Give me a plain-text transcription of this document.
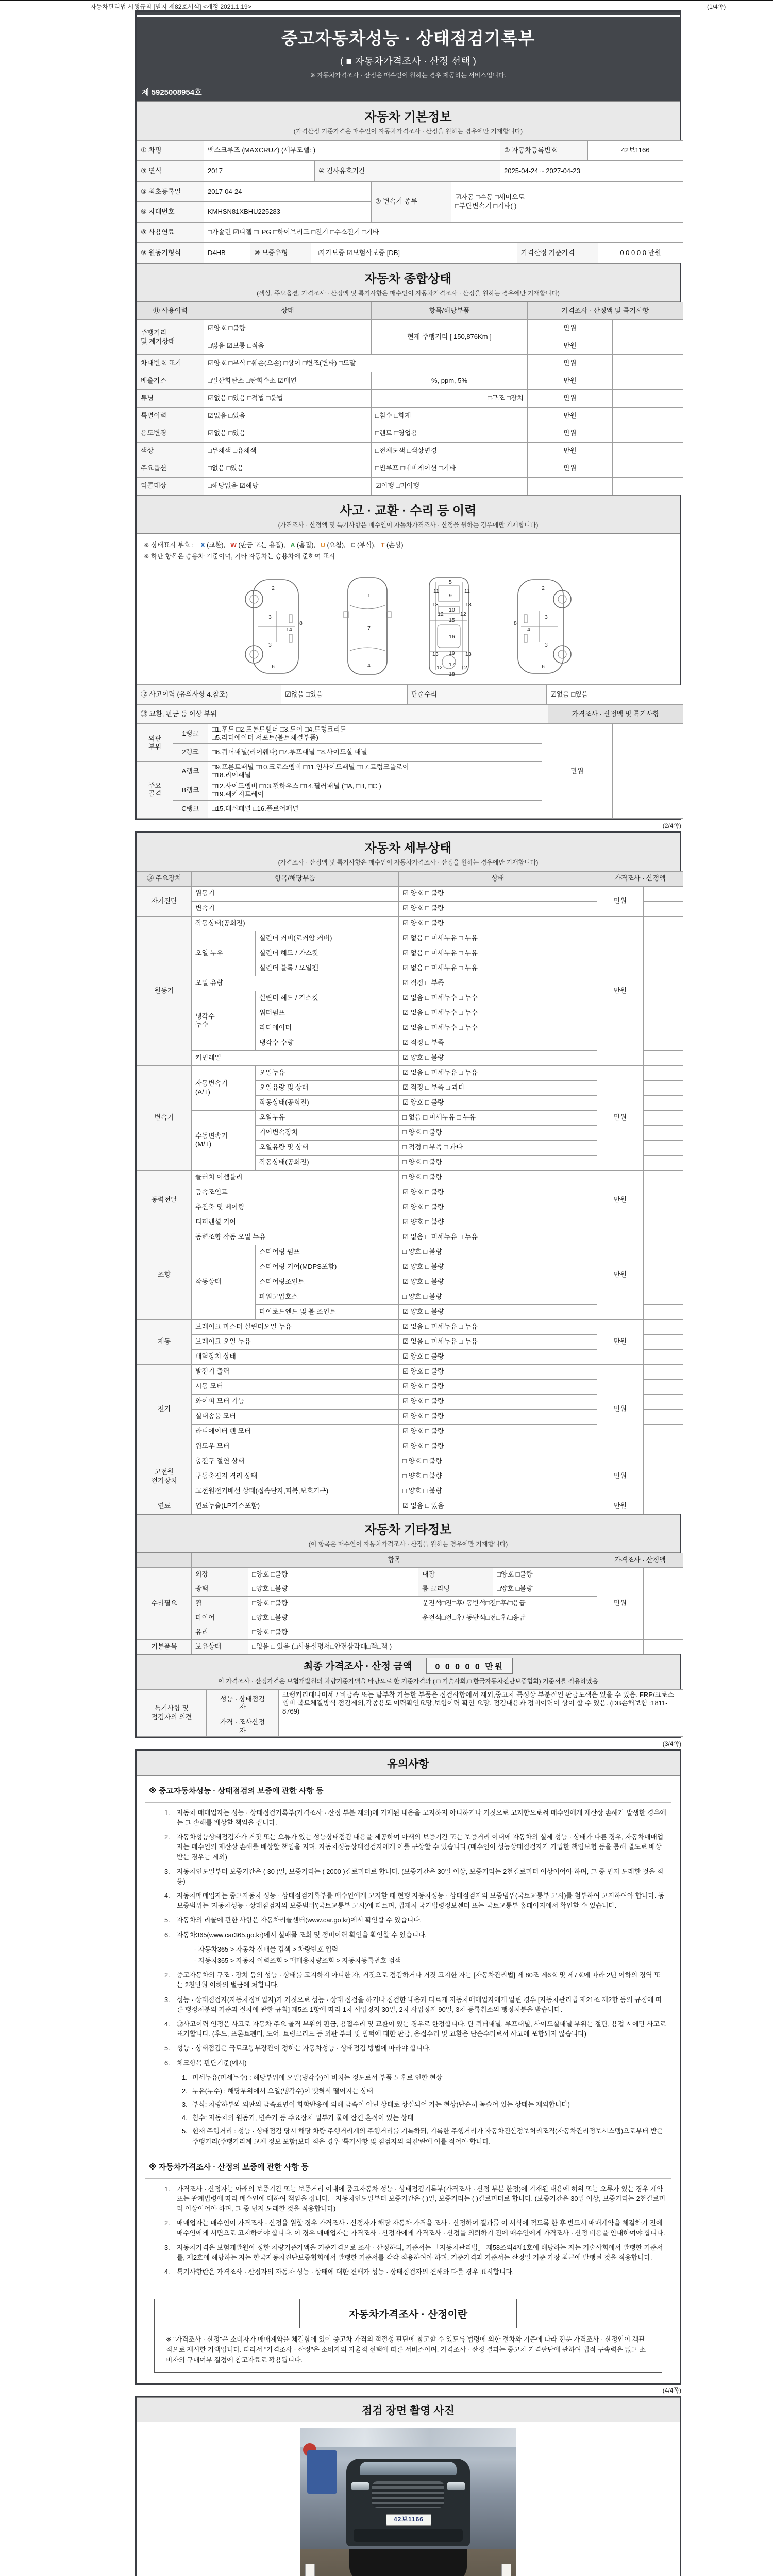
자동차관리법 시행규칙 [별지 제82호서식] <개정 2021.1.19>	(1/4쪽)
중고자동차성능 · 상태점검기록부
( ■ 자동차가격조사 · 산정 선택 )
※ 자동차가격조사 · 산정은 매수인이 원하는 경우 제공하는 서비스입니다.
제 5925008954호
자동차 기본정보
(가격산정 기준가격은 매수인이 자동차가격조사 · 산정을 원하는 경우에만 기재합니다)
① 차명	맥스크루즈 (MAXCRUZ) (세부모델: )	② 자동차등록번호	42보1166
③ 연식	2017	④ 검사유효기간	2025-04-24 ~ 2027-04-23
⑤ 최초등록일	2017-04-24	⑦ 변속기 종류	☑자동 □수동 □세미오토
□무단변속기 □기타( )
⑥ 차대번호	KMHSN81XBHU225283		
⑧ 사용연료	□가솔린 ☑디젤 □LPG □하이브리드 □전기 □수소전기 □기타
⑨ 원동기형식	D4HB	⑩ 보증유형	□자가보증 ☑보험사보증 [DB]	가격산정 기준가격	0 0 0 0 0 만원
자동차 종합상태
(색상, 주요옵션, 가격조사 · 산정액 및 특기사항은 매수인이 자동차가격조사 · 산정을 원하는 경우에만 기재합니다)
⑪ 사용이력	상태	항목/해당부품	가격조사 · 산정액 및 특기사항	
주행거리
및 계기상태	☑양호 □불량	현재 주행거리 [ 150,876Km ]	만원	
	□많음 ☑보통 □적음		만원	
차대번호 표기	☑양호 □부식 □훼손(오손) □상이 □변조(변타) □도말		만원	
배출가스	□일산화탄소 □탄화수소 ☑매연	%, ppm, 5%	만원	
튜닝	☑없음 □있음 □적법 □불법	□구조 □장치	만원	
특별이력	☑없음 □있음	□침수 □화재	만원	
용도변경	☑없음 □있음	□렌트 □영업용	만원	
색상	□무채색 □유채색	□전체도색 □색상변경	만원	
주요옵션	□없음 □있음	□썬루프 □네비게이션 □기타	만원	
리콜대상	□해당없음 ☑해당	☑이행 □미이행		
사고 · 교환 · 수리 등 이력
(가격조사 · 산정액 및 특기사항은 매수인이 자동차가격조사 · 산정을 원하는 경우에만 기재합니다)
※ 상태표시 부호 : X (교환), W (판금 또는 용접), A (흠집), U (요철), C (부식), T (손상)
※ 하단 항목은 승용차 기준이며, 기타 자동차는 승용차에 준하여 표시
2
8
3
14
3
6
1
7
4
5
11	11
9
13	13
12	12
10
15
16
13	13
19
12	12
17
18
2
8
3
4
3
6
⑫ 사고이력 (유의사항 4.참조)	☑없음 □있음	단순수리	☑없음 □있음
⑬ 교환, 판금 등 이상 부위	가격조사 · 산정액 및 특기사항
외판
부위	1랭크	□1.후드 □2.프론트휀더 □3.도어 □4.트렁크리드
□5.라디에이터 서포트(볼트체결부품)	만원	
	2랭크	□6.쿼더패널(리어휀다) □7.루프패널 □8.사이드실 패널		
주요
골격	A랭크	□9.프론트패널 □10.크로스멤버 □11.인사이드패널 □17.트렁크플로어
□18.리어패널		
	B랭크	□12.사이드멤버 □13.휠하우스 □14.필러패널 (□A, □B, □C )
□19.패키지트레이		
	C랭크	□15.대쉬패널 □16.플로어패널		
(2/4쪽)
자동차 세부상태
(가격조사 · 산정액 및 특기사항은 매수인이 자동차가격조사 · 산정을 원하는 경우에만 기재합니다)
⑭ 주요장치	항목/해당부품		상태	가격조사 · 산정액	
자기진단	원동기		☑ 양호 □ 불량	만원	
	변속기		☑ 양호 □ 불량		
원동기	작동상태(공회전)		☑ 양호 □ 불량	만원	
	오일 누유	실린더 커버(로커암 커버)	☑ 없음 □ 미세누유 □ 누유		
		실린더 헤드 / 가스킷	☑ 없음 □ 미세누유 □ 누유		
		실린더 블록 / 오일팬	☑ 없음 □ 미세누유 □ 누유		
	오일 유량		☑ 적정 □ 부족		
	냉각수
누수	실린더 헤드 / 가스킷	☑ 없음 □ 미세누수 □ 누수		
		워터펌프	☑ 없음 □ 미세누수 □ 누수		
		라디에이터	☑ 없음 □ 미세누수 □ 누수		
		냉각수 수량	☑ 적정 □ 부족		
	커먼레일		☑ 양호 □ 불량		
변속기	자동변속기
(A/T)	오일누유	☑ 없음 □ 미세누유 □ 누유	만원	
		오일유량 및 상태	☑ 적정 □ 부족 □ 과다		
		작동상태(공회전)	☑ 양호 □ 불량		
	수동변속기
(M/T)	오일누유	□ 없음 □ 미세누유 □ 누유		
		기어변속장치	□ 양호 □ 불량		
		오일유량 및 상태	□ 적정 □ 부족 □ 과다		
		작동상태(공회전)	□ 양호 □ 불량		
동력전달	클러치 어셈블리		□ 양호 □ 불량	만원	
	등속조인트		☑ 양호 □ 불량		
	추진축 및 베어링		☑ 양호 □ 불량		
	디퍼렌셜 기어		☑ 양호 □ 불량		
조향	동력조향 작동 오일 누유		☑ 없음 □ 미세누유 □ 누유	만원	
	작동상태	스티어링 펌프	□ 양호 □ 불량		
		스티어링 기어(MDPS포함)	☑ 양호 □ 불량		
		스티어링조인트	☑ 양호 □ 불량		
		파워고압호스	□ 양호 □ 불량		
		타이로드엔드 및 볼 조인트	☑ 양호 □ 불량		
제동	브레이크 마스터 실린더오일 누유		☑ 없음 □ 미세누유 □ 누유	만원	
	브레이크 오일 누유		☑ 없음 □ 미세누유 □ 누유		
	배력장치 상태		☑ 양호 □ 불량		
전기	발전기 출력		☑ 양호 □ 불량	만원	
	시동 모터		☑ 양호 □ 불량		
	와이퍼 모터 기능		☑ 양호 □ 불량		
	실내송풍 모터		☑ 양호 □ 불량		
	라디에이터 팬 모터		☑ 양호 □ 불량		
	윈도우 모터		☑ 양호 □ 불량		
고전원
전기장치	충전구 절연 상태		□ 양호 □ 불량	만원	
	구동축전지 격리 상태		□ 양호 □ 불량		
	고전원전기배선 상태(접속단자,피복,보호기구)		□ 양호 □ 불량		
연료	연료누출(LP가스포함)		☑ 없음 □ 있음	만원	
자동차 기타정보
(이 항목은 매수인이 자동차가격조사 · 산정을 원하는 경우에만 기재합니다)
	항목				가격조사 · 산정액	
수리필요	외장	□양호 □불량	내장	□양호 □불량	만원	
	광택	□양호 □불량	룸 크리닝	□양호 □불량		
	휠	□양호 □불량	운전석□전□후/ 동반석□전□후/□응급			
	타이어	□양호 □불량	운전석□전□후/ 동반석□전□후/□응급			
	유리	□양호 □불량				
기본품목	보유상태	□없음 □ 있음 (□사용설명서□안전삼각대□잭□잭 )				
최종 가격조사 · 산정 금액	0 0 0 0 0 만원
이 가격조사 · 산정가격은 보험개발원의 차량기준가액을 바탕으로 한 기준가격과 ( □ 기술사회,□ 한국자동차진단보증협회) 기준서를 적용하였음
특기사항 및
점검자의 의견	성능 · 상태점검
자	크랭커리데나미세 / 비금속 또는 탈부착 가능한 부품은 점검사항에서 제외,중고차 특성상 부분적인 판금도색은 있을 수 있음. FRP/크로스멤버 볼트체결방식 점검제외,각종용도 이력확인요망,보험이력 확인 요망. 점검내용과 정비이력이 상이 할 수 있음. (DB손해보험 :1811-8769)
	가격 · 조사산정
자	
(3/4쪽)
유의사항
※ 중고자동차성능 · 상태점검의 보증에 관한 사항 등
1.	자동차 매매업자는 성능 · 상태점검기록부(가격조사 · 산정 부분 제외)에 기재된 내용을 고지하지 아니하거나 거짓으로 고지함으로써 매수인에게 재산상 손해가 발생한 경우에는 그 손해를 배상할 책임을 집니다.
2.	자동차성능상태점검자가 거짓 또는 오류가 있는 성능상태점검 내용을 제공하여 아래의 보증기간 또는 보증거리 이내에 자동차의 실제 성능 · 상태가 다른 경우, 자동차매매업자는 매수인의 재산상 손해를 배상할 책임을 지며, 자동차성능상태점검자에게 이를 구상할 수 있습니다.(매수인이 성능상태점검자가 가입한 책임보험 등을 통해 별도로 배상받는 경우는 제외)
3.	자동차인도일부터 보증기간은 ( 30 )일, 보증거리는 ( 2000 )킬로미터로 합니다. (보증기간은 30일 이상, 보증거리는 2천킬로미터 이상이어야 하며, 그 중 먼저 도래한 것을 적용)
4.	자동차매매업자는 중고자동차 성능 · 상태점검기록부를 매수인에게 고지할 때 현행 자동차성능 · 상태점검자의 보증범위(국토교통부 고시)를 첨부하여 고지하여야 합니다. 동 보증범위는 '자동차성능 · 상태점검자의 보증범위'(국토교통부 고시)에 따르며, 법제처 국가법령정보센터 또는 국토교통부 홈페이지에서 확인할 수 있습니다.
5.	자동차의 리콜에 관한 사항은 자동차리콜센터(www.car.go.kr)에서 확인할 수 있습니다.
6.	자동차365(www.car365.go.kr)에서 실매물 조회 및 정비이력 확인을 확인할 수 있습니다.
- 자동차365 > 자동차 실매물 검색 > 차량번호 입력
- 자동차365 > 자동차 이력조회 > 매매용차량조회 > 자동차등록번호 검색
2.	중고자동차의 구조 · 장치 등의 성능 · 상태를 고지하지 아니한 자, 거짓으로 점검하거나 거짓 고지한 자는 [자동차관리법] 제 80조 제6호 및 제7호에 따라 2년 이하의 징역 또는 2천만원 이하의 벌금에 처합니다.
3.	성능 · 상태점검자(자동차정비업자)가 거짓으로 성능 · 상태 점검을 하거나 점검한 내용과 다르게 자동차매매업자에게 알린 경우 [자동차관리법 제21조 제2항 등의 규정에 따른 행정처분의 기준과 절차에 관한 규칙] 제5조 1항에 따라 1차 사업정지 30일, 2차 사업정지 90일, 3차 등록취소의 행정처분을 받습니다.
4.	⑫사고이력 인정은 사고로 자동차 주요 골격 부위의 판금, 용접수리 및 교환이 있는 경우로 한정합니다. 단 쿼터패널, 루프패널, 사이드실패널 부위는 절단, 용접 시에만 사고로 표기합니다. (후드, 프론트펜더, 도어, 트렁크리드 등 외판 부위 및 범퍼에 대한 판금, 용접수리 및 교환은 단순수리로서 사고에 포함되지 않습니다)
5.	성능 · 상태점검은 국토교통부장관이 정하는 자동차성능 · 상태점검 방법에 따라야 합니다.
6.	체크항목 판단기준(예시)
1. 미세누유(미세누수) : 해당부위에 오일(냉각수)이 비치는 정도로서 부품 노후로 인한 현상
2. 누유(누수) : 해당부위에서 오일(냉각수)이 맺혀서 떨어지는 상태
3. 부식: 차량하부와 외판의 금속표면이 화학반응에 의해 금속이 아닌 상태로 상실되어 가는 현상(단순히 녹슬어 있는 상태는 제외합니다)
4. 침수: 자동차의 원동기, 변속기 등 주요장치 일부가 물에 잠긴 흔적이 있는 상태
5. 현재 주행거리 : 성능 · 상태점검 당시 해당 차량 주행거리계의 주행거리를 기록하되, 기록한 주행거리가 자동차전산정보처리조직(자동차관리정보시스템)으로부터 받은 주행거리(주행거리계 교체 정보 포함)보다 적은 경우 '특기사항 및 점검자의 의견'란에 이를 적어야 합니다.
※ 자동차가격조사 · 산정의 보증에 관한 사항 등
1.	가격조사 · 산정자는 아래의 보증기간 또는 보증거리 이내에 중고자동차 성능 · 상태점검기록부(가격조사 · 산정 부분 한정)에 기재된 내용에 허위 또는 오류가 있는 경우 계약 또는 관계법령에 따라 매수인에 대하여 책임을 집니다. - 자동차인도일부터 보증기간은 ( )일, 보증거리는 ( )킬로미터로 합니다. (보증기간은 30일 이상, 보증거리는 2천킬로미터 이상이어야 하며, 그 중 먼저 도래한 것을 적용합니다)
2.	매매업자는 매수인이 가격조사 · 산정을 원할 경우 가격조사 · 산정자가 해당 자동차 가격을 조사 · 산정하여 결과를 이 서식에 적도록 한 후 반드시 매매계약을 체결하기 전에 매수인에게 서면으로 고지하여야 합니다. 이 경우 매매업자는 가격조사 · 산정자에게 가격조사 · 산정을 의뢰하기 전에 매수인에게 가격조사 · 산정 비용을 안내하여야 합니다.
3.	자동차가격은 보험개발원이 정한 차량기준가액을 기준가격으로 조사 · 산정하되, 기준서는 「자동차관리법」 제58조의4제1호에 해당하는 자는 기술사회에서 발행한 기준서를, 제2호에 해당하는 자는 한국자동차진단보증협회에서 발행한 기준서를 각각 적용하여야 하며, 기준가격과 기준서는 산정일 기준 가장 최근에 발행된 것을 적용합니다.
4.	특기사항란은 가격조사 · 산정자의 자동차 성능 · 상태에 대한 견해가 성능 · 상태점검자의 견해와 다를 경우 표시합니다.
자동차가격조사 · 산정이란
※ "가격조사 · 산정"은 소비자가 매매계약을 체결함에 있어 중고차 가격의 적절성 판단에 참고할 수 있도록 법령에 의한 절차와 기준에 따라 전문 가격조사 · 산정인이 객관적으로 제시한 가액입니다. 따라서 "가격조사 · 산정"은 소비자의 자율적 선택에 따른 서비스이며, 가격조사 · 산정 결과는 중고차 가격판단에 관하여 법적 구속력은 없고 소비자의 구매여부 결정에 참고자료로 활용됩니다.
(4/4쪽)
점검 장면 촬영 사진
42보1166
